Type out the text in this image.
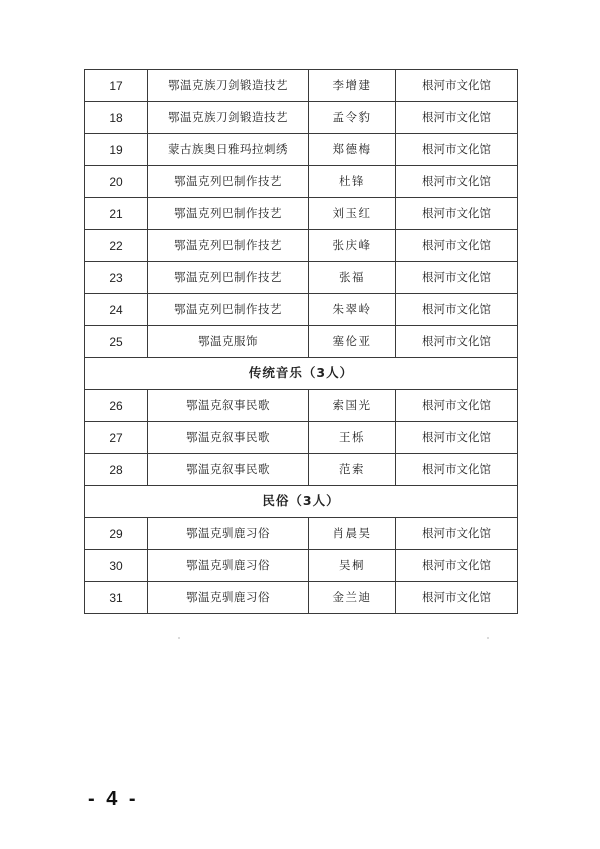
17	鄂温克族刀剑锻造技艺	李增建	根河市文化馆
18	鄂温克族刀剑锻造技艺	孟令豹	根河市文化馆
19	蒙古族奥日雅玛拉刺绣	郑德梅	根河市文化馆
20	鄂温克列巴制作技艺	杜锋	根河市文化馆
21	鄂温克列巴制作技艺	刘玉红	根河市文化馆
22	鄂温克列巴制作技艺	张庆峰	根河市文化馆
23	鄂温克列巴制作技艺	张福	根河市文化馆
24	鄂温克列巴制作技艺	朱翠岭	根河市文化馆
25	鄂温克服饰	塞伦亚	根河市文化馆
传统音乐（3人）			
26	鄂温克叙事民歌	索国光	根河市文化馆
27	鄂温克叙事民歌	王栎	根河市文化馆
28	鄂温克叙事民歌	范索	根河市文化馆
民俗（3人）			
29	鄂温克驯鹿习俗	肖晨昊	根河市文化馆
30	鄂温克驯鹿习俗	吴桐	根河市文化馆
31	鄂温克驯鹿习俗	金兰迪	根河市文化馆
- 4 -
